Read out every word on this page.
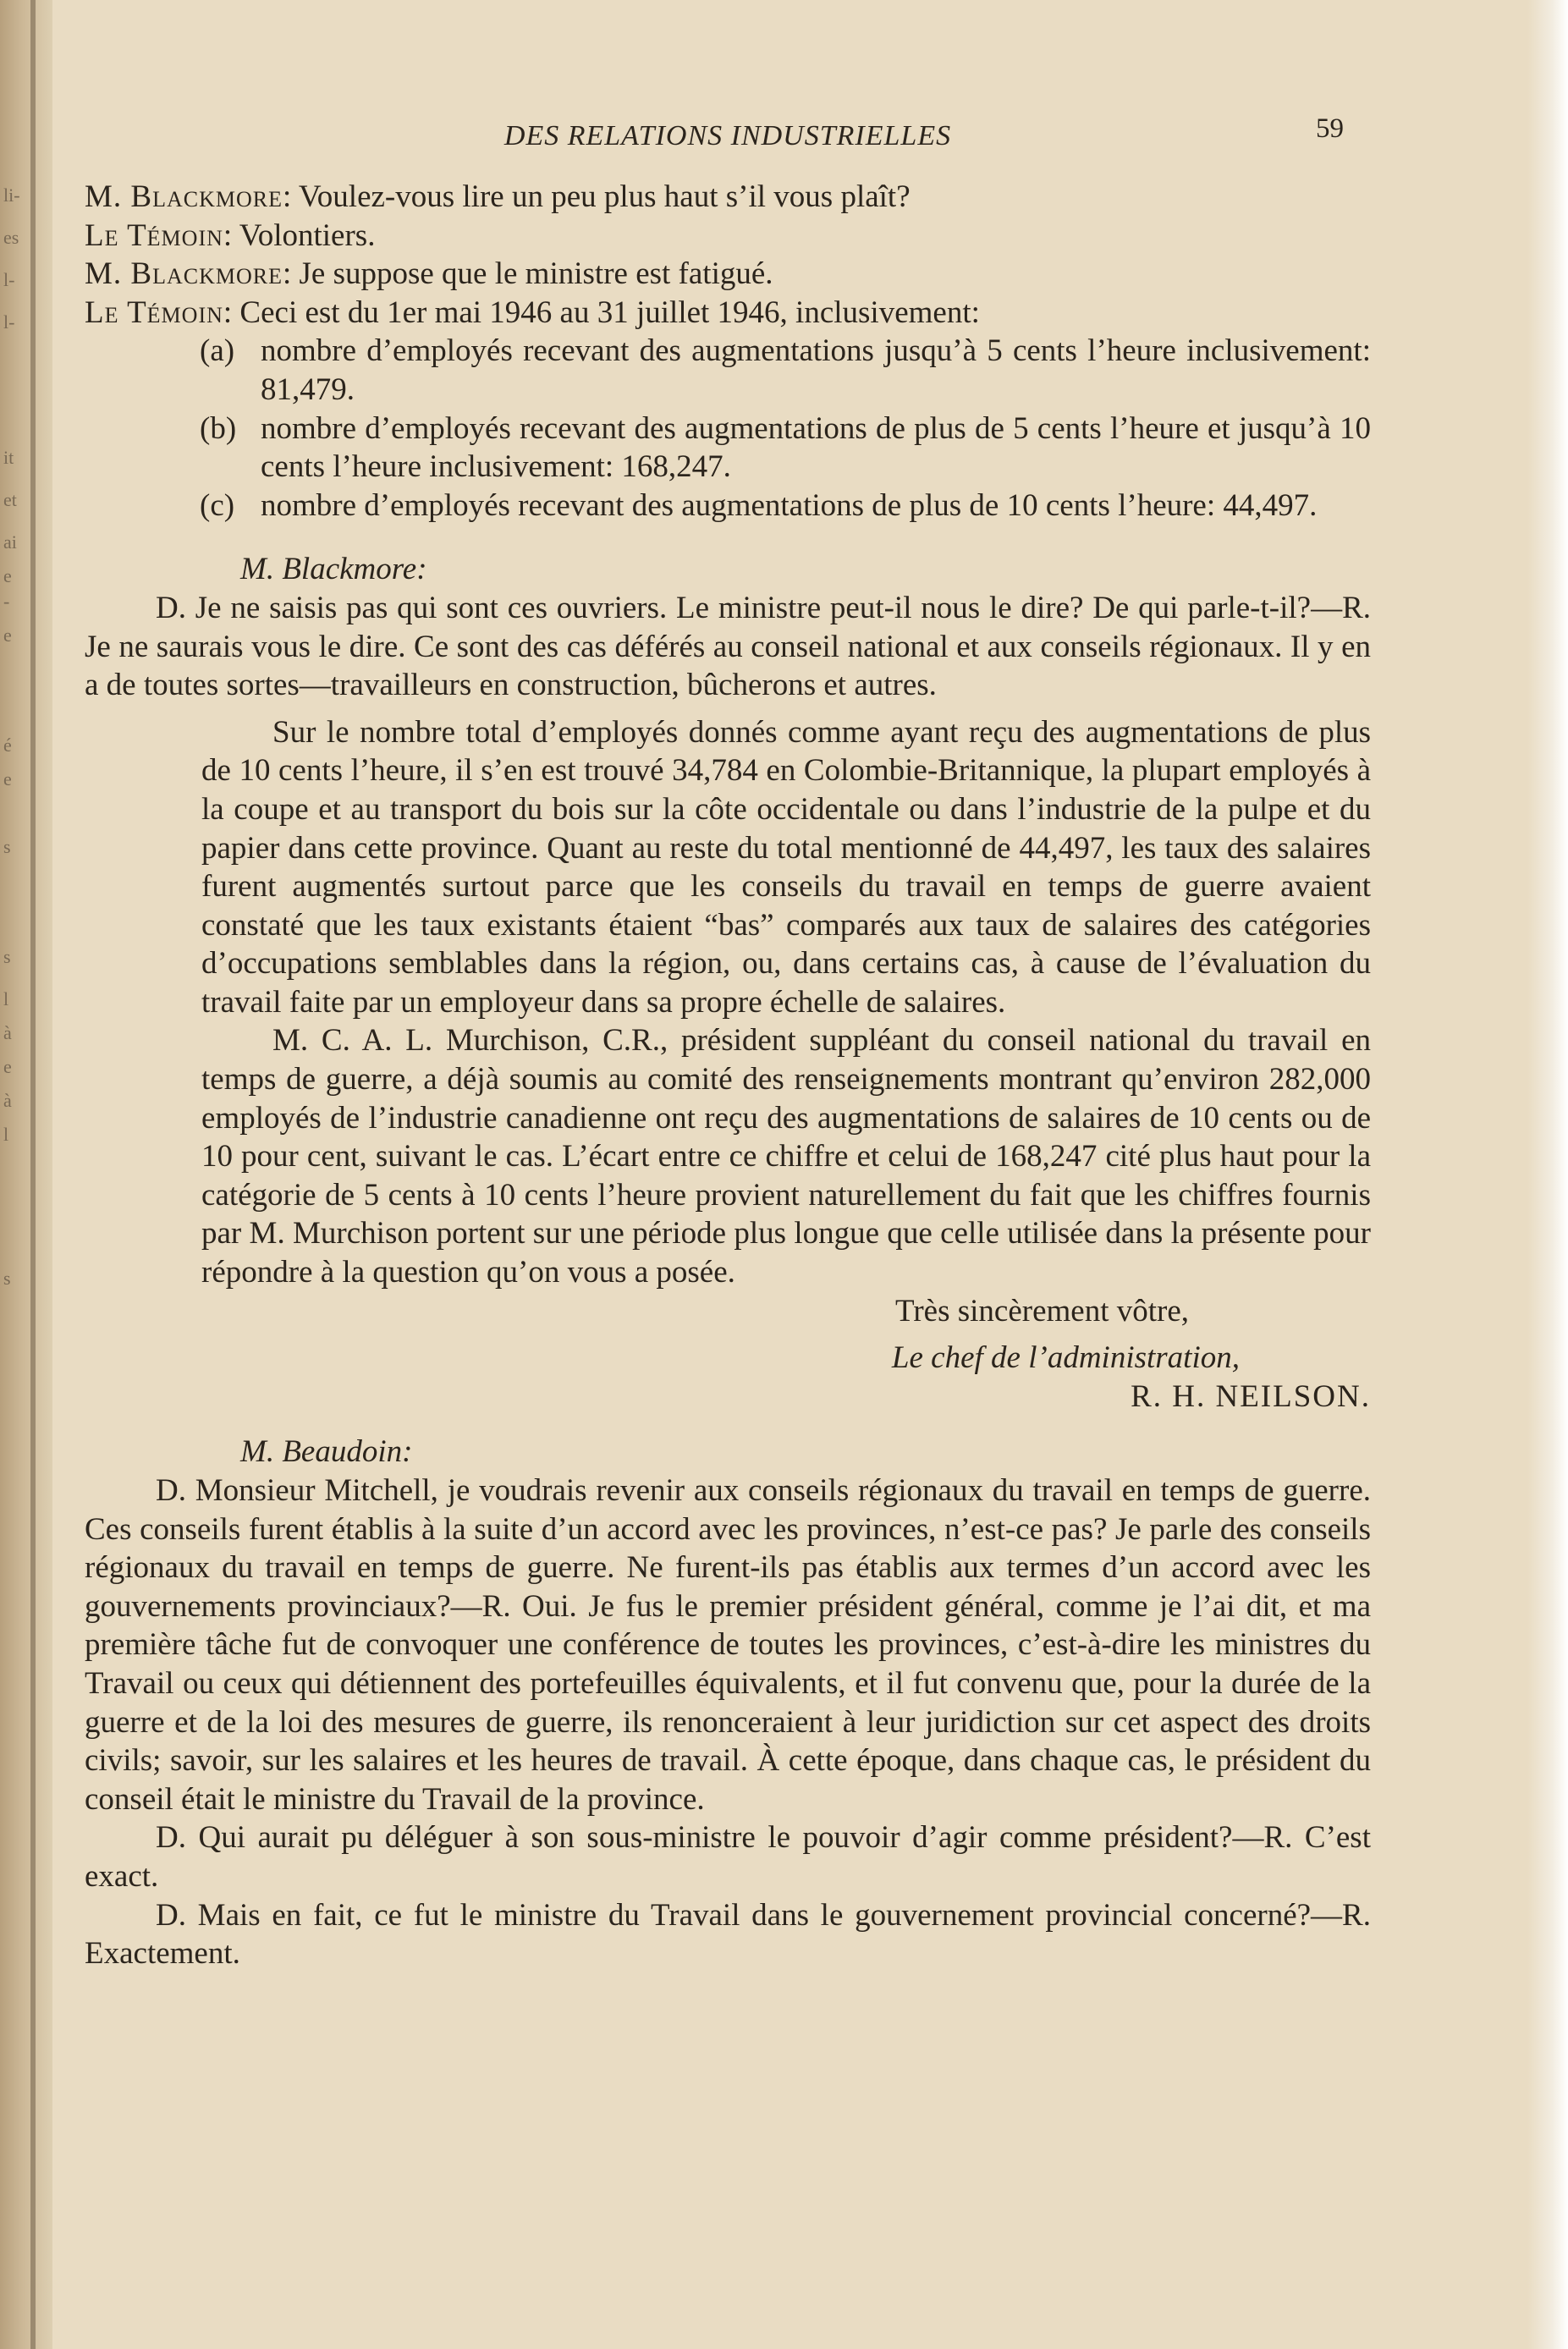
li-
es
l-
l-
it
et
ai
e
-
e
é
e
s
s
l
à
e
à
l
s
DES RELATIONS INDUSTRIELLES	59

M. Blackmore: Voulez-vous lire un peu plus haut s’il vous plaît?

Le Témoin: Volontiers.

M. Blackmore: Je suppose que le ministre est fatigué.

Le Témoin: Ceci est du 1er mai 1946 au 31 juillet 1946, inclusivement:

(a) nombre d’employés recevant des augmentations jusqu’à 5 cents l’heure inclusivement: 81,479.

(b) nombre d’employés recevant des augmentations de plus de 5 cents l’heure et jusqu’à 10 cents l’heure inclusivement: 168,247.

(c) nombre d’employés recevant des augmentations de plus de 10 cents l’heure: 44,497.

M. Blackmore:

D. Je ne saisis pas qui sont ces ouvriers. Le ministre peut-il nous le dire? De qui parle-t-il?—R. Je ne saurais vous le dire. Ce sont des cas déférés au conseil national et aux conseils régionaux. Il y en a de toutes sortes—travailleurs en construction, bûcherons et autres.

Sur le nombre total d’employés donnés comme ayant reçu des augmentations de plus de 10 cents l’heure, il s’en est trouvé 34,784 en Colombie-Britannique, la plupart employés à la coupe et au transport du bois sur la côte occidentale ou dans l’industrie de la pulpe et du papier dans cette province. Quant au reste du total mentionné de 44,497, les taux des salaires furent augmentés surtout parce que les conseils du travail en temps de guerre avaient constaté que les taux existants étaient “bas” comparés aux taux de salaires des catégories d’occupations semblables dans la région, ou, dans certains cas, à cause de l’évaluation du travail faite par un employeur dans sa propre échelle de salaires.

M. C. A. L. Murchison, C.R., président suppléant du conseil national du travail en temps de guerre, a déjà soumis au comité des renseignements montrant qu’environ 282,000 employés de l’industrie canadienne ont reçu des augmentations de salaires de 10 cents ou de 10 pour cent, suivant le cas. L’écart entre ce chiffre et celui de 168,247 cité plus haut pour la catégorie de 5 cents à 10 cents l’heure provient naturellement du fait que les chiffres fournis par M. Murchison portent sur une période plus longue que celle utilisée dans la présente pour répondre à la question qu’on vous a posée.

Très sincèrement vôtre,

Le chef de l’administration,

R. H. NEILSON.

M. Beaudoin:

D. Monsieur Mitchell, je voudrais revenir aux conseils régionaux du travail en temps de guerre. Ces conseils furent établis à la suite d’un accord avec les provinces, n’est-ce pas? Je parle des conseils régionaux du travail en temps de guerre. Ne furent-ils pas établis aux termes d’un accord avec les gouvernements provinciaux?—R. Oui. Je fus le premier président général, comme je l’ai dit, et ma première tâche fut de convoquer une conférence de toutes les provinces, c’est-à-dire les ministres du Travail ou ceux qui détiennent des portefeuilles équivalents, et il fut convenu que, pour la durée de la guerre et de la loi des mesures de guerre, ils renonceraient à leur juridiction sur cet aspect des droits civils; savoir, sur les salaires et les heures de travail. À cette époque, dans chaque cas, le président du conseil était le ministre du Travail de la province.

D. Qui aurait pu déléguer à son sous-ministre le pouvoir d’agir comme président?—R. C’est exact.

D. Mais en fait, ce fut le ministre du Travail dans le gouvernement provincial concerné?—R. Exactement.
